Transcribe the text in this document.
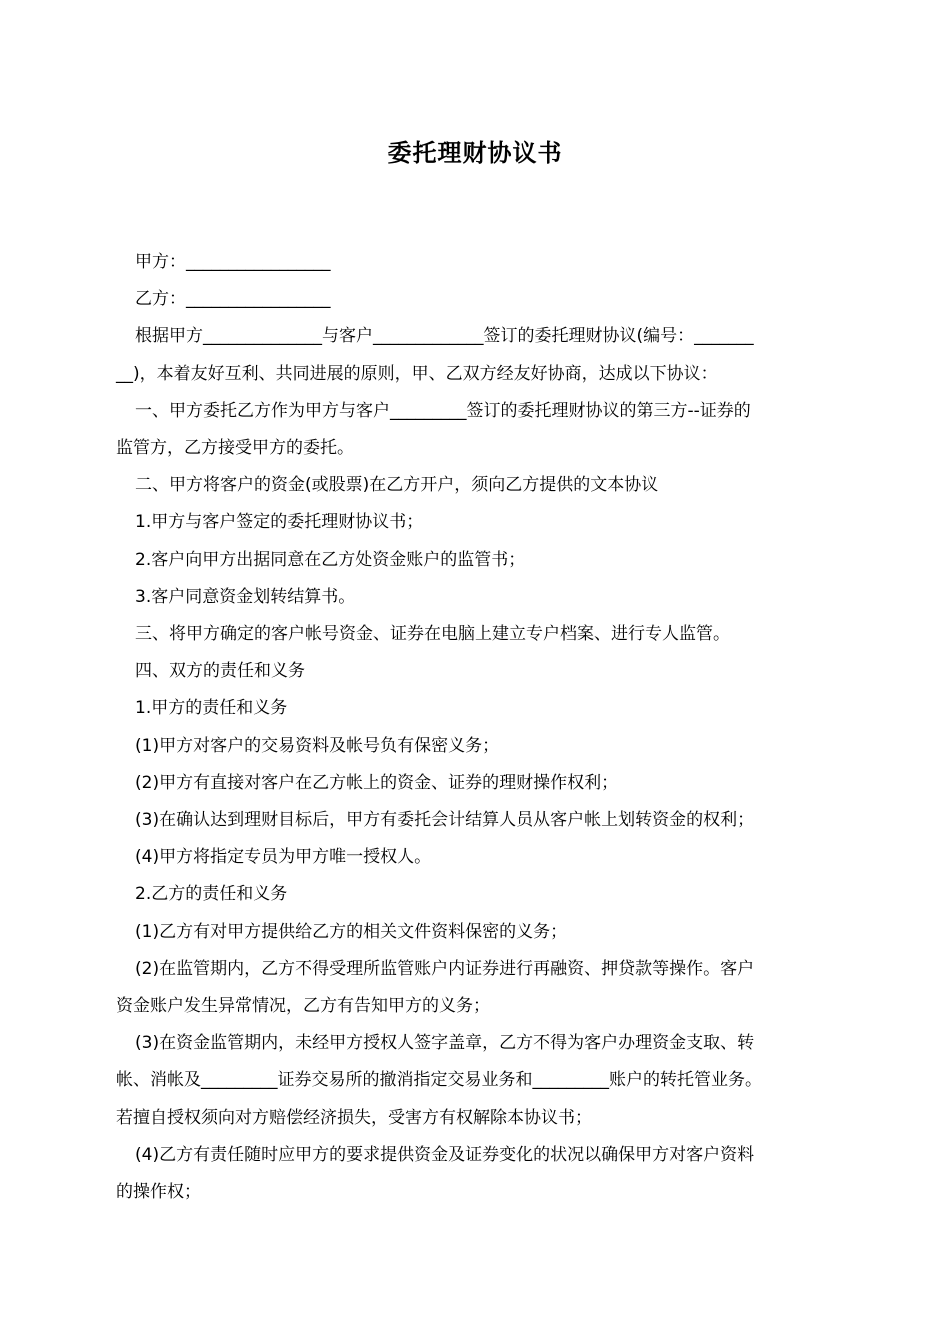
委托理财协议书

甲方：_________________

乙方：_________________

根据甲方______________与客户_____________签订的委托理财协议(编号：_______

__)，本着友好互利、共同进展的原则，甲、乙双方经友好协商，达成以下协议：

一、甲方委托乙方作为甲方与客户_________签订的委托理财协议的第三方--证券的

监管方，乙方接受甲方的委托。

二、甲方将客户的资金(或股票)在乙方开户，须向乙方提供的文本协议

1.甲方与客户签定的委托理财协议书；

2.客户向甲方出据同意在乙方处资金账户的监管书；

3.客户同意资金划转结算书。

三、将甲方确定的客户帐号资金、证券在电脑上建立专户档案、进行专人监管。

四、双方的责任和义务

1.甲方的责任和义务

(1)甲方对客户的交易资料及帐号负有保密义务；

(2)甲方有直接对客户在乙方帐上的资金、证券的理财操作权利；

(3)在确认达到理财目标后，甲方有委托会计结算人员从客户帐上划转资金的权利；

(4)甲方将指定专员为甲方唯一授权人。

2.乙方的责任和义务

(1)乙方有对甲方提供给乙方的相关文件资料保密的义务；

(2)在监管期内，乙方不得受理所监管账户内证券进行再融资、押贷款等操作。客户

资金账户发生异常情况，乙方有告知甲方的义务；

(3)在资金监管期内，未经甲方授权人签字盖章，乙方不得为客户办理资金支取、转

帐、消帐及_________证券交易所的撤消指定交易业务和_________账户的转托管业务。

若擅自授权须向对方赔偿经济损失，受害方有权解除本协议书；

(4)乙方有责任随时应甲方的要求提供资金及证券变化的状况以确保甲方对客户资料

的操作权；
